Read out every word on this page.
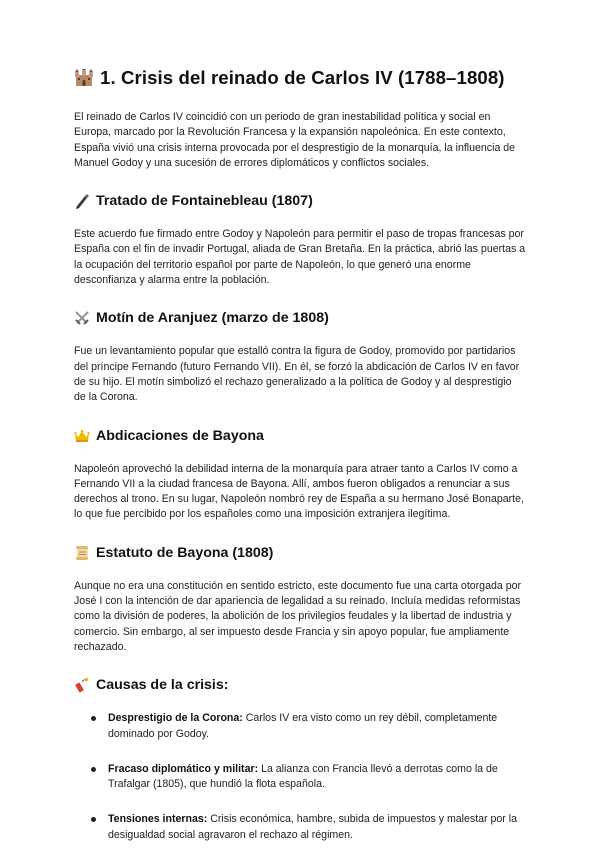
1. Crisis del reinado de Carlos IV (1788–1808)

El reinado de Carlos IV coincidió con un periodo de gran inestabilidad política y social en Europa, marcado por la Revolución Francesa y la expansión napoleónica. En este contexto, España vivió una crisis interna provocada por el desprestigio de la monarquía, la influencia de Manuel Godoy y una sucesión de errores diplomáticos y conflictos sociales.

Tratado de Fontainebleau (1807)

Este acuerdo fue firmado entre Godoy y Napoleón para permitir el paso de tropas francesas por España con el fin de invadir Portugal, aliada de Gran Bretaña. En la práctica, abrió las puertas a la ocupación del territorio español por parte de Napoleón, lo que generó una enorme desconfianza y alarma entre la población.

Motín de Aranjuez (marzo de 1808)

Fue un levantamiento popular que estalló contra la figura de Godoy, promovido por partidarios del príncipe Fernando (futuro Fernando VII). En él, se forzó la abdicación de Carlos IV en favor de su hijo. El motín simbolizó el rechazo generalizado a la política de Godoy y al desprestigio de la Corona.

Abdicaciones de Bayona

Napoleón aprovechó la debilidad interna de la monarquía para atraer tanto a Carlos IV como a Fernando VII a la ciudad francesa de Bayona. Allí, ambos fueron obligados a renunciar a sus derechos al trono. En su lugar, Napoleón nombró rey de España a su hermano José Bonaparte, lo que fue percibido por los españoles como una imposición extranjera ilegítima.

Estatuto de Bayona (1808)

Aunque no era una constitución en sentido estricto, este documento fue una carta otorgada por José I con la intención de dar apariencia de legalidad a su reinado. Incluía medidas reformistas como la división de poderes, la abolición de los privilegios feudales y la libertad de industria y comercio. Sin embargo, al ser impuesto desde Francia y sin apoyo popular, fue ampliamente rechazado.

Causas de la crisis:
Desprestigio de la Corona: Carlos IV era visto como un rey débil, completamente dominado por Godoy.
Fracaso diplomático y militar: La alianza con Francia llevó a derrotas como la de Trafalgar (1805), que hundió la flota española.
Tensiones internas: Crisis económica, hambre, subida de impuestos y malestar por la desigualdad social agravaron el rechazo al régimen.
